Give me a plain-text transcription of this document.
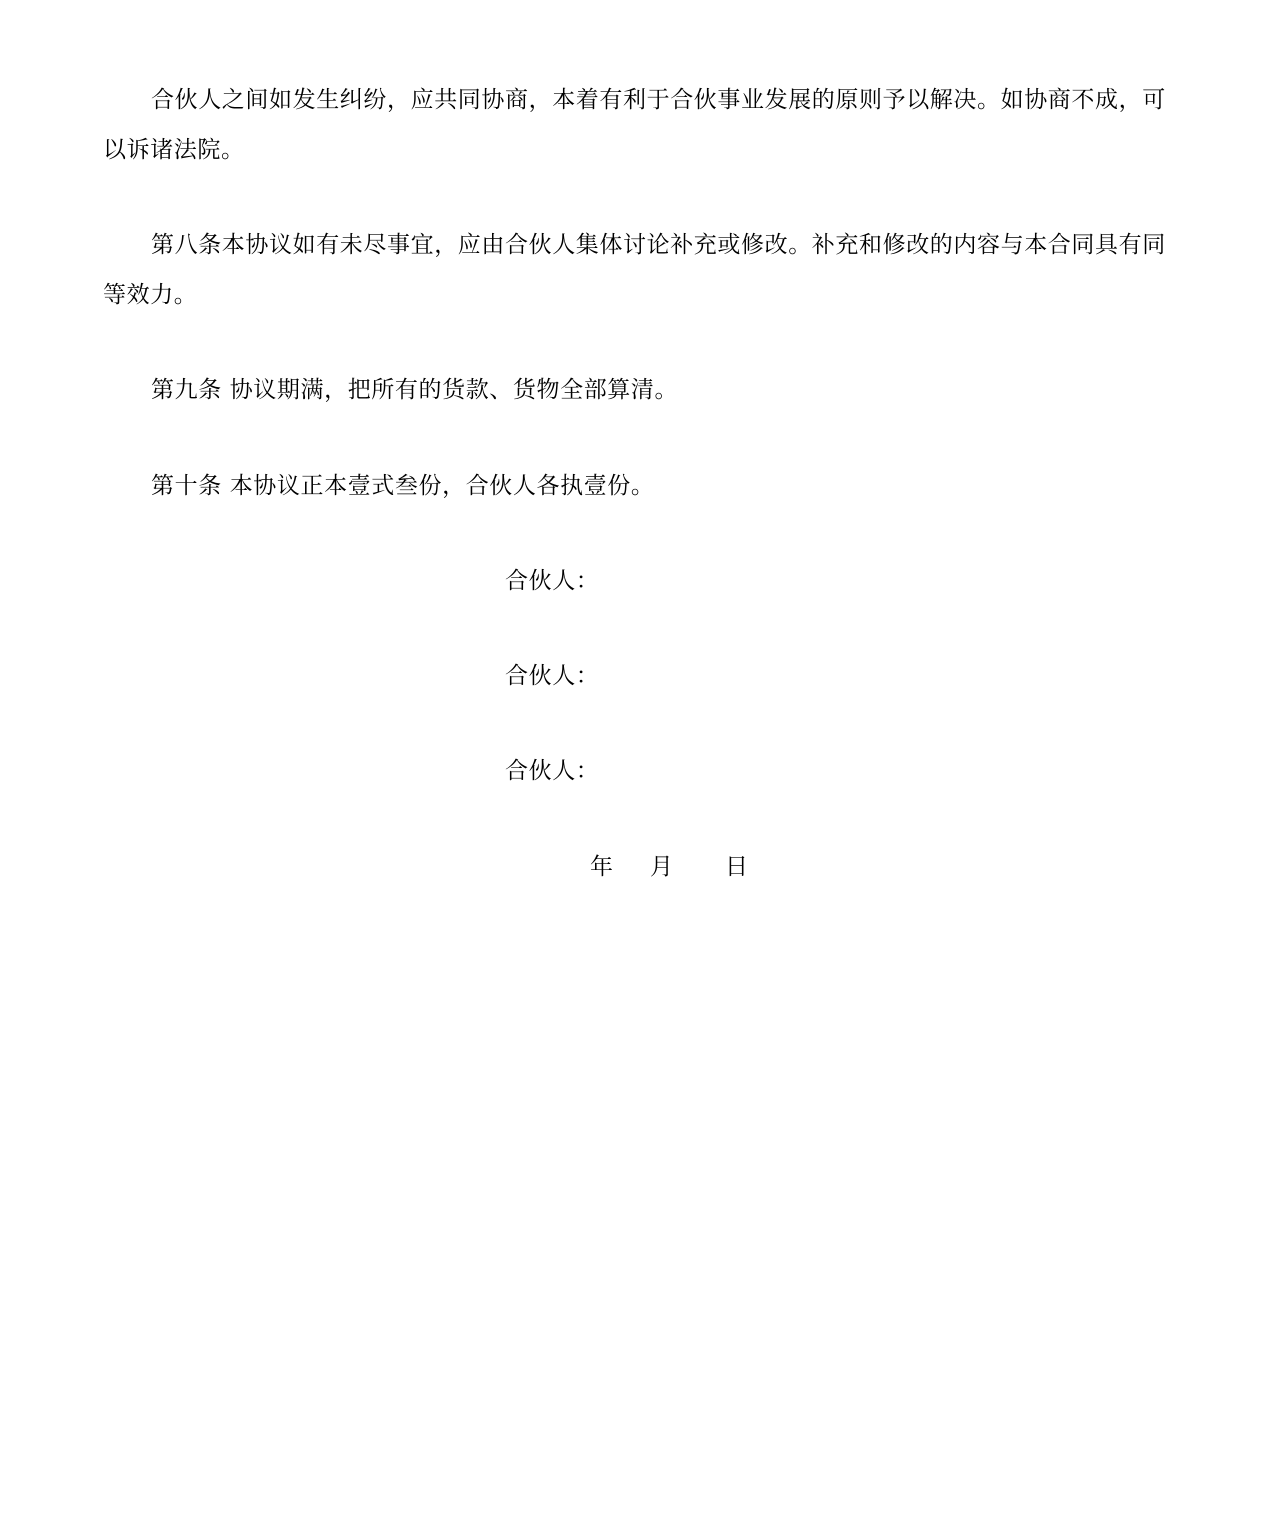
合伙人之间如发生纠纷，应共同协商，本着有利于合伙事业发展的原则予以解决。如协商不成，可以诉诸法院。

第八条本协议如有未尽事宜，应由合伙人集体讨论补充或修改。补充和修改的内容与本合同具有同等效力。

第九条 协议期满，把所有的货款、货物全部算清。

第十条 本协议正本壹式叁份，合伙人各执壹份。

合伙人：
合伙人：
合伙人：
年 月 日
